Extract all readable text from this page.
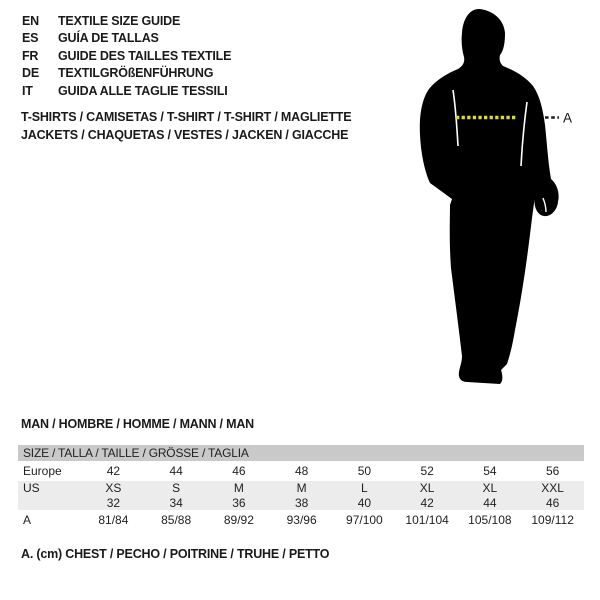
EN	TEXTILE SIZE GUIDE
ES	GUÍA DE TALLAS
FR	GUIDE DES TAILLES TEXTILE
DE	TEXTILGRÖßENFÜHRUNG
IT	GUIDA ALLE TAGLIE TESSILI
T-SHIRTS / CAMISETAS / T-SHIRT / T-SHIRT / MAGLIETTE
JACKETS / CHAQUETAS / VESTES / JACKEN / GIACCHE
A
MAN / HOMBRE / HOMME / MANN / MAN
SIZE / TALLA / TAILLE / GRÖSSE / TAGLIA
Europe	42	44	46	48	50	52	54	56
US	XS	S	M	M	L	XL	XL	XXL
32	34	36	38	40	42	44	46
A	81/84	85/88	89/92	93/96	97/100	101/104	105/108	109/112
A. (cm) CHEST / PECHO / POITRINE / TRUHE / PETTO
